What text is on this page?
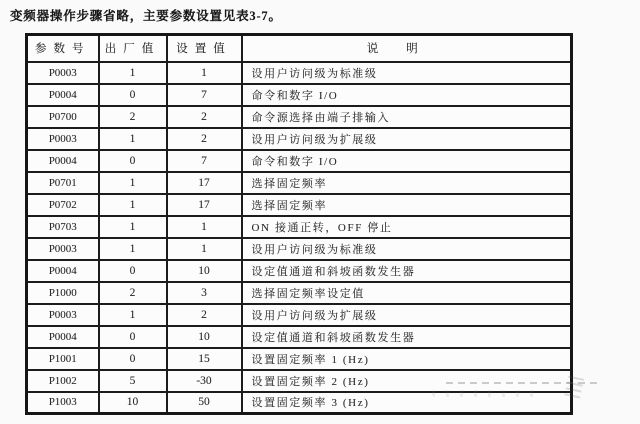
变频器操作步骤省略，主要参数设置见表3-7。
参数号	出厂值	设置值	说明
P0003	1	1	设用户访问级为标准级
P0004	0	7	命令和数字 I/O
P0700	2	2	命令源选择由端子排输入
P0003	1	2	设用户访问级为扩展级
P0004	0	7	命令和数字 I/O
P0701	1	17	选择固定频率
P0702	1	17	选择固定频率
P0703	1	1	ON 接通正转，OFF 停止
P0003	1	1	设用户访问级为标准级
P0004	0	10	设定值通道和斜坡函数发生器
P1000	2	3	选择固定频率设定值
P0003	1	2	设用户访问级为扩展级
P0004	0	10	设定值通道和斜坡函数发生器
P1001	0	15	设置固定频率 1 (Hz)
P1002	5	-30	设置固定频率 2 (Hz)
P1003	10	50	设置固定频率 3 (Hz)
